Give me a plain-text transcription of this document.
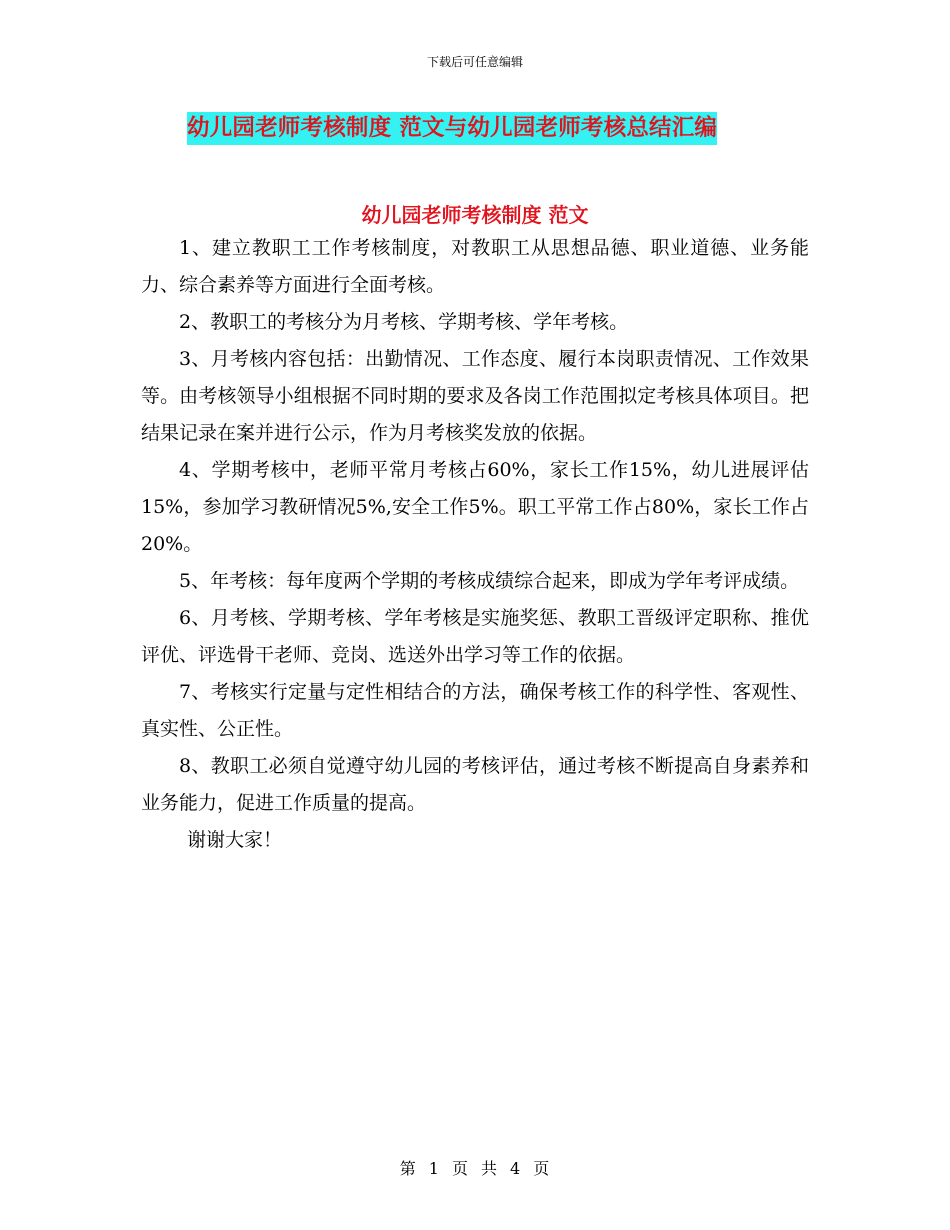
下载后可任意编辑
幼儿园老师考核制度 范文与幼儿园老师考核总结汇编
幼儿园老师考核制度 范文

1、建立教职工工作考核制度，对教职工从思想品德、职业道德、业务能力、综合素养等方面进行全面考核。

2、教职工的考核分为月考核、学期考核、学年考核。

3、月考核内容包括：出勤情况、工作态度、履行本岗职责情况、工作效果等。由考核领导小组根据不同时期的要求及各岗工作范围拟定考核具体项目。把结果记录在案并进行公示，作为月考核奖发放的依据。

4、学期考核中，老师平常月考核占60%，家长工作15%，幼儿进展评估15%，参加学习教研情况5%,安全工作5%。职工平常工作占80%，家长工作占20%。

5、年考核：每年度两个学期的考核成绩综合起来，即成为学年考评成绩。

6、月考核、学期考核、学年考核是实施奖惩、教职工晋级评定职称、推优评优、评选骨干老师、竞岗、选送外出学习等工作的依据。

7、考核实行定量与定性相结合的方法，确保考核工作的科学性、客观性、真实性、公正性。

8、教职工必须自觉遵守幼儿园的考核评估，通过考核不断提高自身素养和业务能力，促进工作质量的提高。

谢谢大家！

第 1 页 共 4 页
